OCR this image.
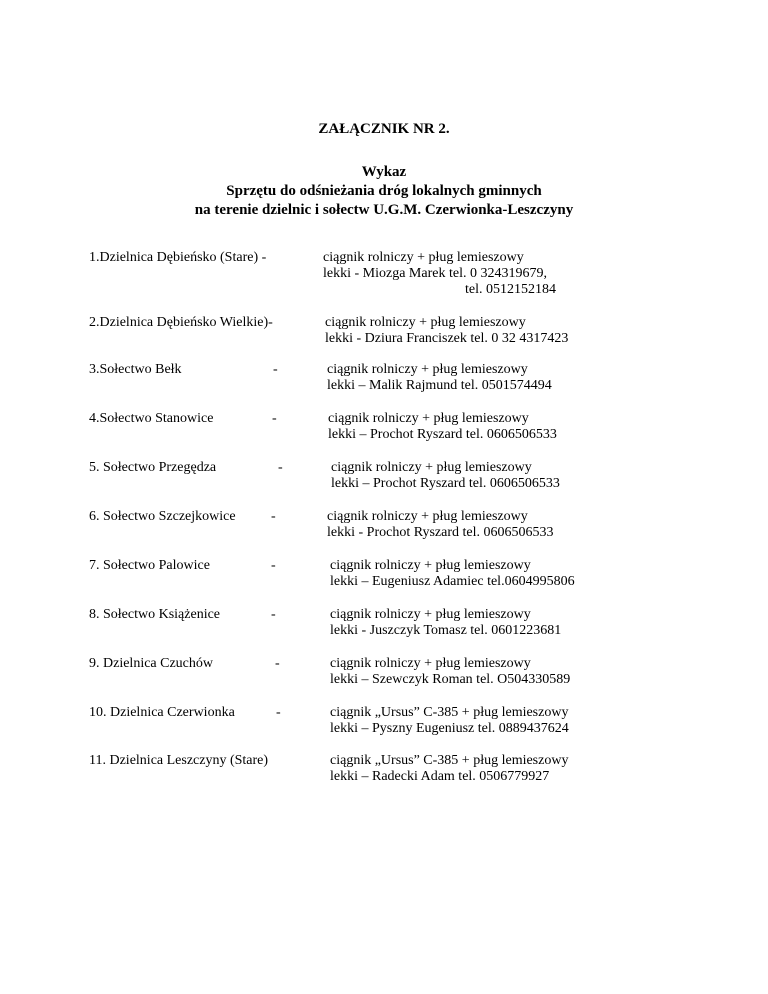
ZAŁĄCZNIK NR 2.
Wykaz
Sprzętu do odśnieżania dróg lokalnych gminnych
na terenie dzielnic i sołectw U.G.M. Czerwionka-Leszczyny
1.Dzielnica Dębieńsko (Stare) -	ciągnik rolniczy + pług lemieszowy
lekki - Miozga Marek tel. 0 324319679,
tel. 0512152184
2.Dzielnica Dębieńsko Wielkie)-	ciągnik rolniczy + pług lemieszowy
lekki - Dziura Franciszek tel. 0 32 4317423
3.Sołectwo Bełk	-	ciągnik rolniczy + pług lemieszowy
lekki – Malik Rajmund tel. 0501574494
4.Sołectwo Stanowice	-	ciągnik rolniczy + pług lemieszowy
lekki – Prochot Ryszard tel. 0606506533
5. Sołectwo Przegędza	-	ciągnik rolniczy + pług lemieszowy
lekki – Prochot Ryszard tel. 0606506533
6. Sołectwo Szczejkowice	-	ciągnik rolniczy + pług lemieszowy
lekki - Prochot Ryszard tel. 0606506533
7. Sołectwo Palowice	-	ciągnik rolniczy + pług lemieszowy
lekki – Eugeniusz Adamiec tel.0604995806
8. Sołectwo Książenice	-	ciągnik rolniczy + pług lemieszowy
lekki - Juszczyk Tomasz tel. 0601223681
9. Dzielnica Czuchów	-	ciągnik rolniczy + pług lemieszowy
lekki – Szewczyk Roman tel. O504330589
10. Dzielnica Czerwionka	-	ciągnik „Ursus” C-385 + pług lemieszowy
lekki – Pyszny Eugeniusz tel. 0889437624
11. Dzielnica Leszczyny (Stare)	ciągnik „Ursus” C-385 + pług lemieszowy
lekki – Radecki Adam tel. 0506779927
